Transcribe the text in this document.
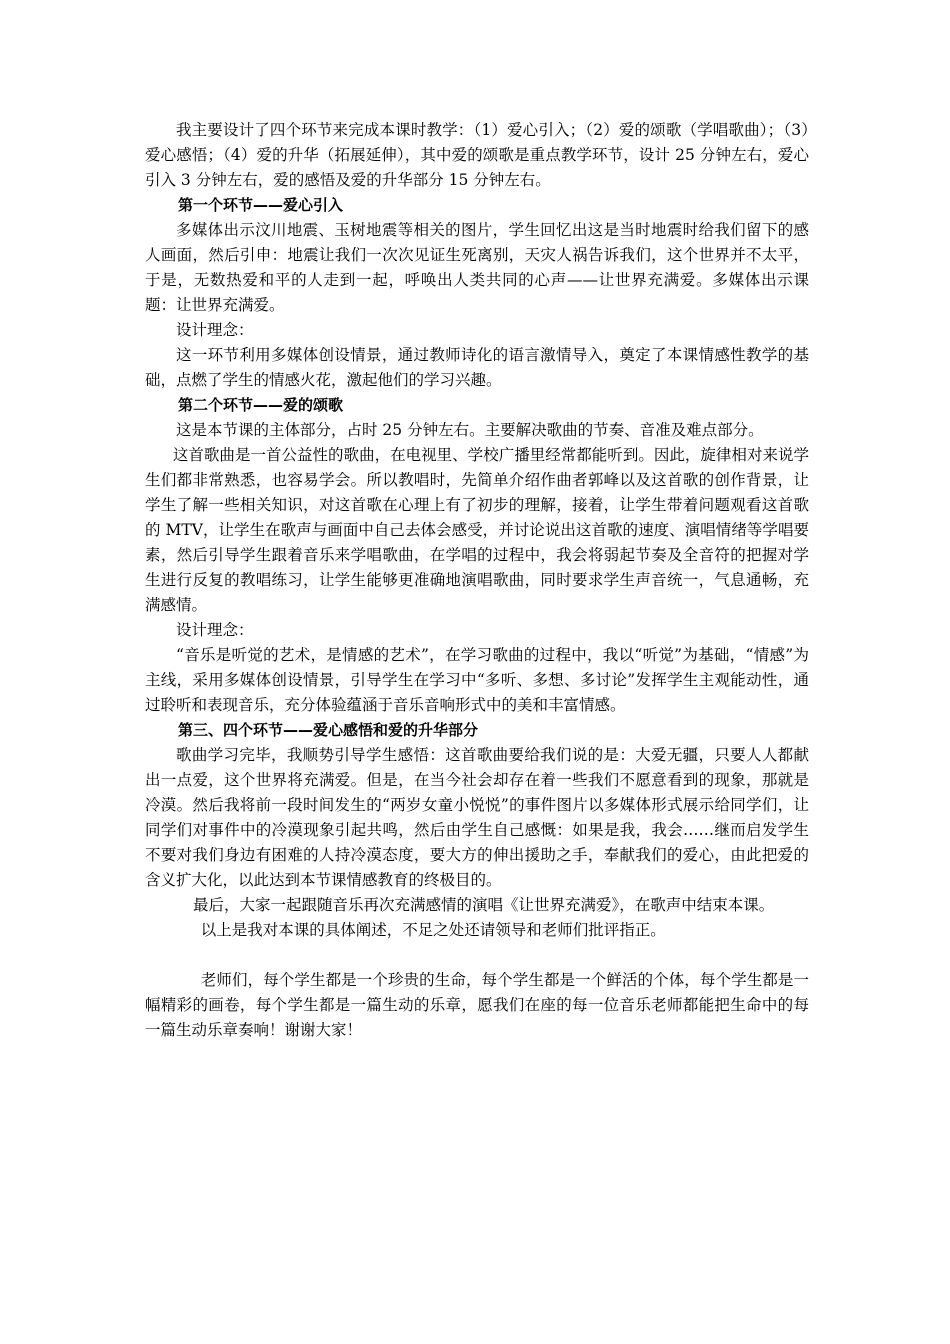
我主要设计了四个环节来完成本课时教学：（1）爱心引入；（2）爱的颂歌（学唱歌曲）；（3）爱心感悟；（4）爱的升华（拓展延伸），其中爱的颂歌是重点教学环节，设计 25 分钟左右，爱心引入 3 分钟左右，爱的感悟及爱的升华部分 15 分钟左右。

第一个环节——爱心引入

多媒体出示汶川地震、玉树地震等相关的图片，学生回忆出这是当时地震时给我们留下的感人画面，然后引申：地震让我们一次次见证生死离别，天灾人祸告诉我们，这个世界并不太平，于是，无数热爱和平的人走到一起，呼唤出人类共同的心声——让世界充满爱。多媒体出示课题：让世界充满爱。

设计理念：

这一环节利用多媒体创设情景，通过教师诗化的语言激情导入，奠定了本课情感性教学的基础，点燃了学生的情感火花，激起他们的学习兴趣。

第二个环节——爱的颂歌

这是本节课的主体部分，占时 25 分钟左右。主要解决歌曲的节奏、音准及难点部分。

这首歌曲是一首公益性的歌曲，在电视里、学校广播里经常都能听到。因此，旋律相对来说学生们都非常熟悉，也容易学会。所以教唱时，先简单介绍作曲者郭峰以及这首歌的创作背景，让学生了解一些相关知识，对这首歌在心理上有了初步的理解，接着，让学生带着问题观看这首歌的 MTV，让学生在歌声与画面中自己去体会感受，并讨论说出这首歌的速度、演唱情绪等学唱要素，然后引导学生跟着音乐来学唱歌曲，在学唱的过程中，我会将弱起节奏及全音符的把握对学生进行反复的教唱练习，让学生能够更准确地演唱歌曲，同时要求学生声音统一，气息通畅，充满感情。

设计理念：

“音乐是听觉的艺术，是情感的艺术”，在学习歌曲的过程中，我以“听觉”为基础，“情感”为主线，采用多媒体创设情景，引导学生在学习中“多听、多想、多讨论”发挥学生主观能动性，通过聆听和表现音乐，充分体验蕴涵于音乐音响形式中的美和丰富情感。

第三、四个环节——爱心感悟和爱的升华部分

歌曲学习完毕，我顺势引导学生感悟：这首歌曲要给我们说的是：大爱无疆，只要人人都献出一点爱，这个世界将充满爱。但是，在当今社会却存在着一些我们不愿意看到的现象，那就是冷漠。然后我将前一段时间发生的“两岁女童小悦悦”的事件图片以多媒体形式展示给同学们，让同学们对事件中的冷漠现象引起共鸣，然后由学生自己感慨：如果是我，我会……继而启发学生不要对我们身边有困难的人持冷漠态度，要大方的伸出援助之手，奉献我们的爱心，由此把爱的含义扩大化，以此达到本节课情感教育的终极目的。

最后，大家一起跟随音乐再次充满感情的演唱《让世界充满爱》，在歌声中结束本课。

以上是我对本课的具体阐述，不足之处还请领导和老师们批评指正。

老师们，每个学生都是一个珍贵的生命，每个学生都是一个鲜活的个体，每个学生都是一幅精彩的画卷，每个学生都是一篇生动的乐章，愿我们在座的每一位音乐老师都能把生命中的每一篇生动乐章奏响！谢谢大家！
